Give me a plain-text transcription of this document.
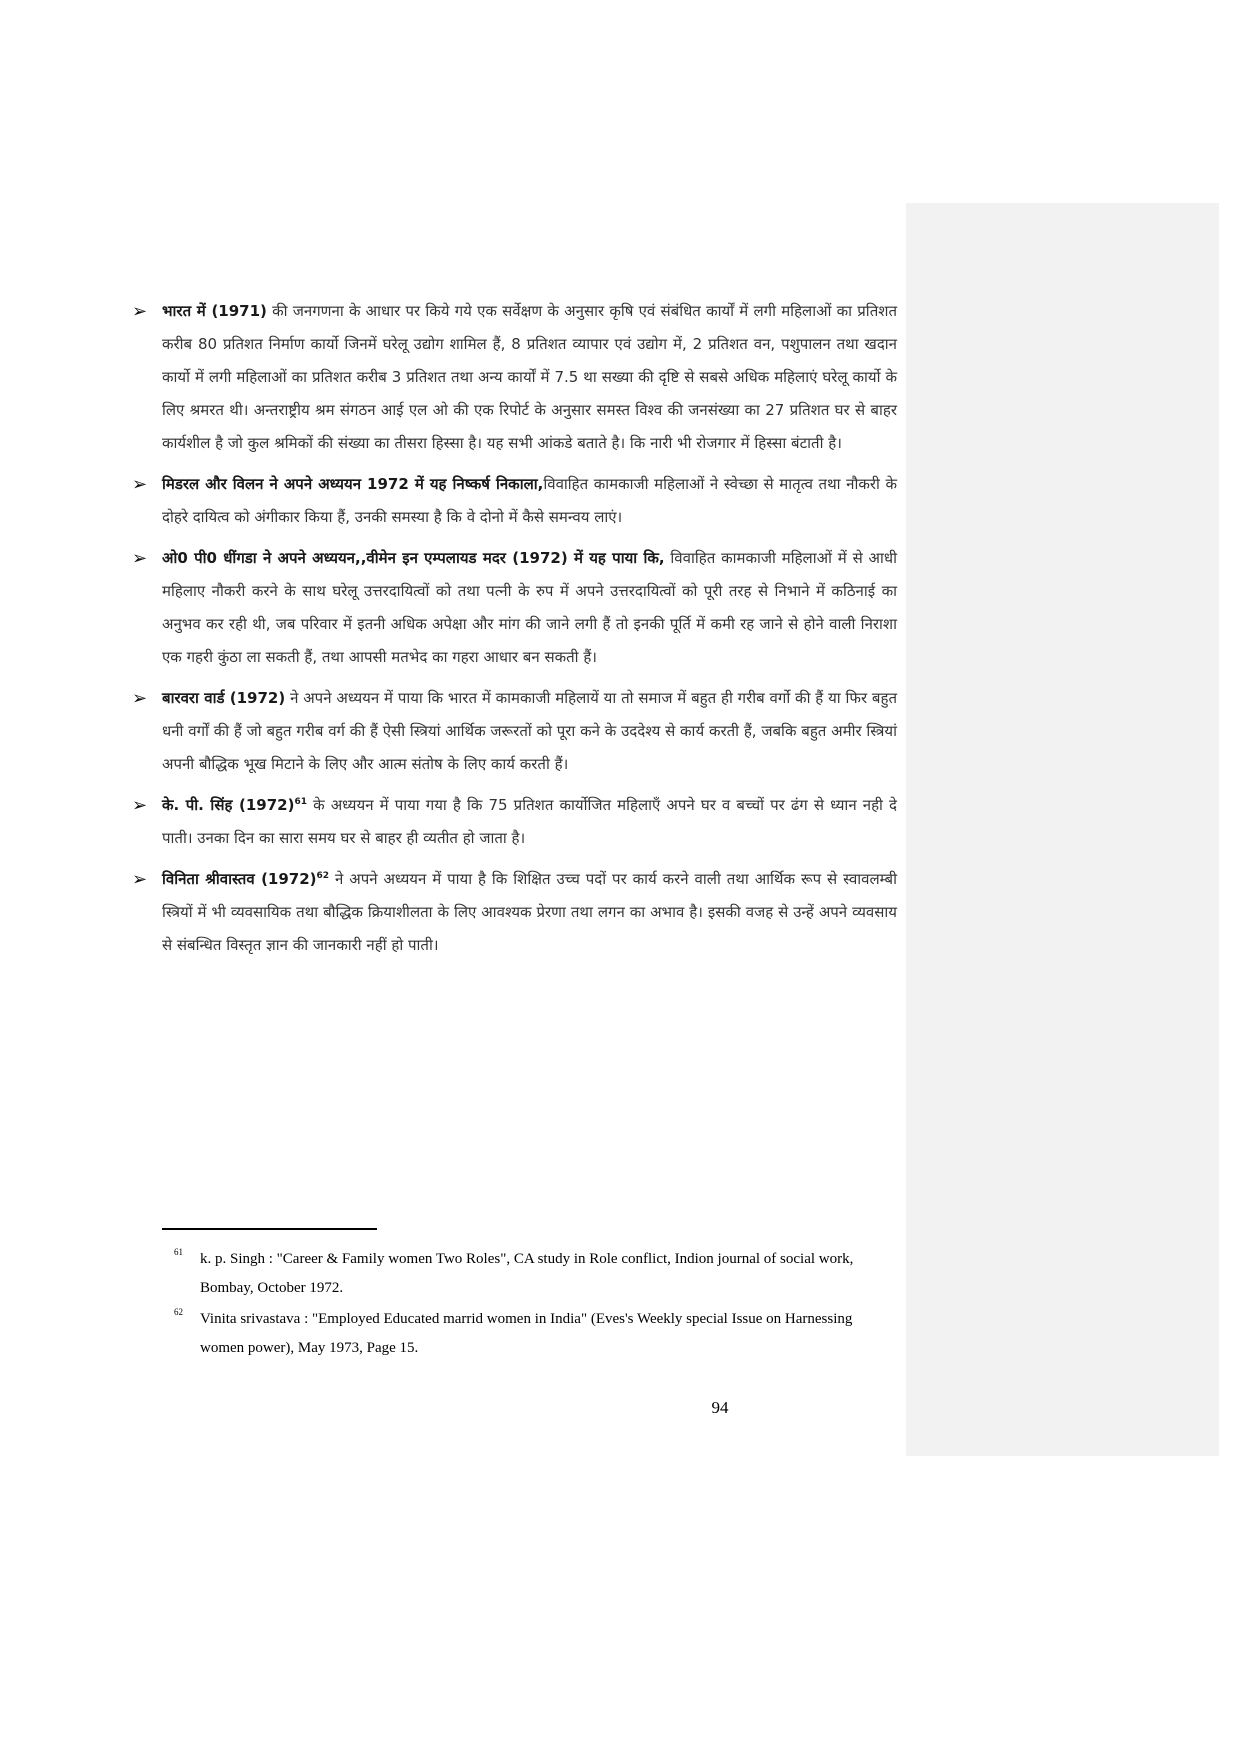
➢ भारत में (1971) की जनगणना के आधार पर किये गये एक सर्वेक्षण के अनुसार कृषि एवं संबंधित कार्यों में लगी महिलाओं का प्रतिशत करीब 80 प्रतिशत निर्माण कार्यो जिनमें घरेलू उद्योग शामिल हैं, 8 प्रतिशत व्यापार एवं उद्योग में, 2 प्रतिशत वन, पशुपालन तथा खदान कार्यो में लगी महिलाओं का प्रतिशत करीब 3 प्रतिशत तथा अन्य कार्यों में 7.5 था सख्या की दृष्टि से सबसे अधिक महिलाएं घरेलू कार्यो के लिए श्रमरत थी। अन्तराष्ट्रीय श्रम संगठन आई एल ओ की एक रिपोर्ट के अनुसार समस्त विश्व की जनसंख्या का 27 प्रतिशत घर से बाहर कार्यशील है जो कुल श्रमिकों की संख्या का तीसरा हिस्सा है। यह सभी आंकडे बताते है। कि नारी भी रोजगार में हिस्सा बंटाती है।
➢ मिडरल और विलन ने अपने अध्ययन 1972 में यह निष्कर्ष निकाला,विवाहित कामकाजी महिलाओं ने स्वेच्छा से मातृत्व तथा नौकरी के दोहरे दायित्व को अंगीकार किया हैं, उनकी समस्या है कि वे दोनो में कैसे समन्वय लाएं।
➢ ओ0 पी0 धींगडा ने अपने अध्ययन,,वीमेन इन एम्पलायड मदर (1972) में यह पाया कि, विवाहित कामकाजी महिलाओं में से आधी महिलाए नौकरी करने के साथ घरेलू उत्तरदायित्वों को तथा पत्नी के रुप में अपने उत्तरदायित्वों को पूरी तरह से निभाने में कठिनाई का अनुभव कर रही थी, जब परिवार में इतनी अधिक अपेक्षा और मांग की जाने लगी हैं तो इनकी पूर्ति में कमी रह जाने से होने वाली निराशा एक गहरी कुंठा ला सकती हैं, तथा आपसी मतभेद का गहरा आधार बन सकती हैं।
➢ बारवरा वार्ड (1972) ने अपने अध्ययन में पाया कि भारत में कामकाजी महिलायें या तो समाज में बहुत ही गरीब वर्गो की हैं या फिर बहुत धनी वर्गों की हैं जो बहुत गरीब वर्ग की हैं ऐसी स्त्रियां आर्थिक जरूरतों को पूरा कने के उददेश्य से कार्य करती हैं, जबकि बहुत अमीर स्त्रियां अपनी बौद्धिक भूख मिटाने के लिए और आत्म संतोष के लिए कार्य करती हैं।
➢ के. पी. सिंह $(1972)^{61}$ के अध्ययन में पाया गया है कि 75 प्रतिशत कार्योजित महिलाएँ अपने घर व बच्चों पर ढंग से ध्यान नही दे पाती। उनका दिन का सारा समय घर से बाहर ही व्यतीत हो जाता है।
➢ विनिता श्रीवास्तव $(1972)^{62}$ ने अपने अध्ययन में पाया है कि शिक्षित उच्च पदों पर कार्य करने वाली तथा आर्थिक रूप से स्वावलम्बी स्त्रियों में भी व्यवसायिक तथा बौद्धिक क्रियाशीलता के लिए आवश्यक प्रेरणा तथा लगन का अभाव है। इसकी वजह से उन्हें अपने व्यवसाय से संबन्धित विस्तृत ज्ञान की जानकारी नहीं हो पाती।
61 k. p. Singh : "Career & Family women Two Roles", CA study in Role conflict, Indion journal of social work, Bombay, October 1972.
62 Vinita srivastava : "Employed Educated marrid women in India" (Eves's Weekly special Issue on Harnessing women power), May 1973, Page 15.
94
